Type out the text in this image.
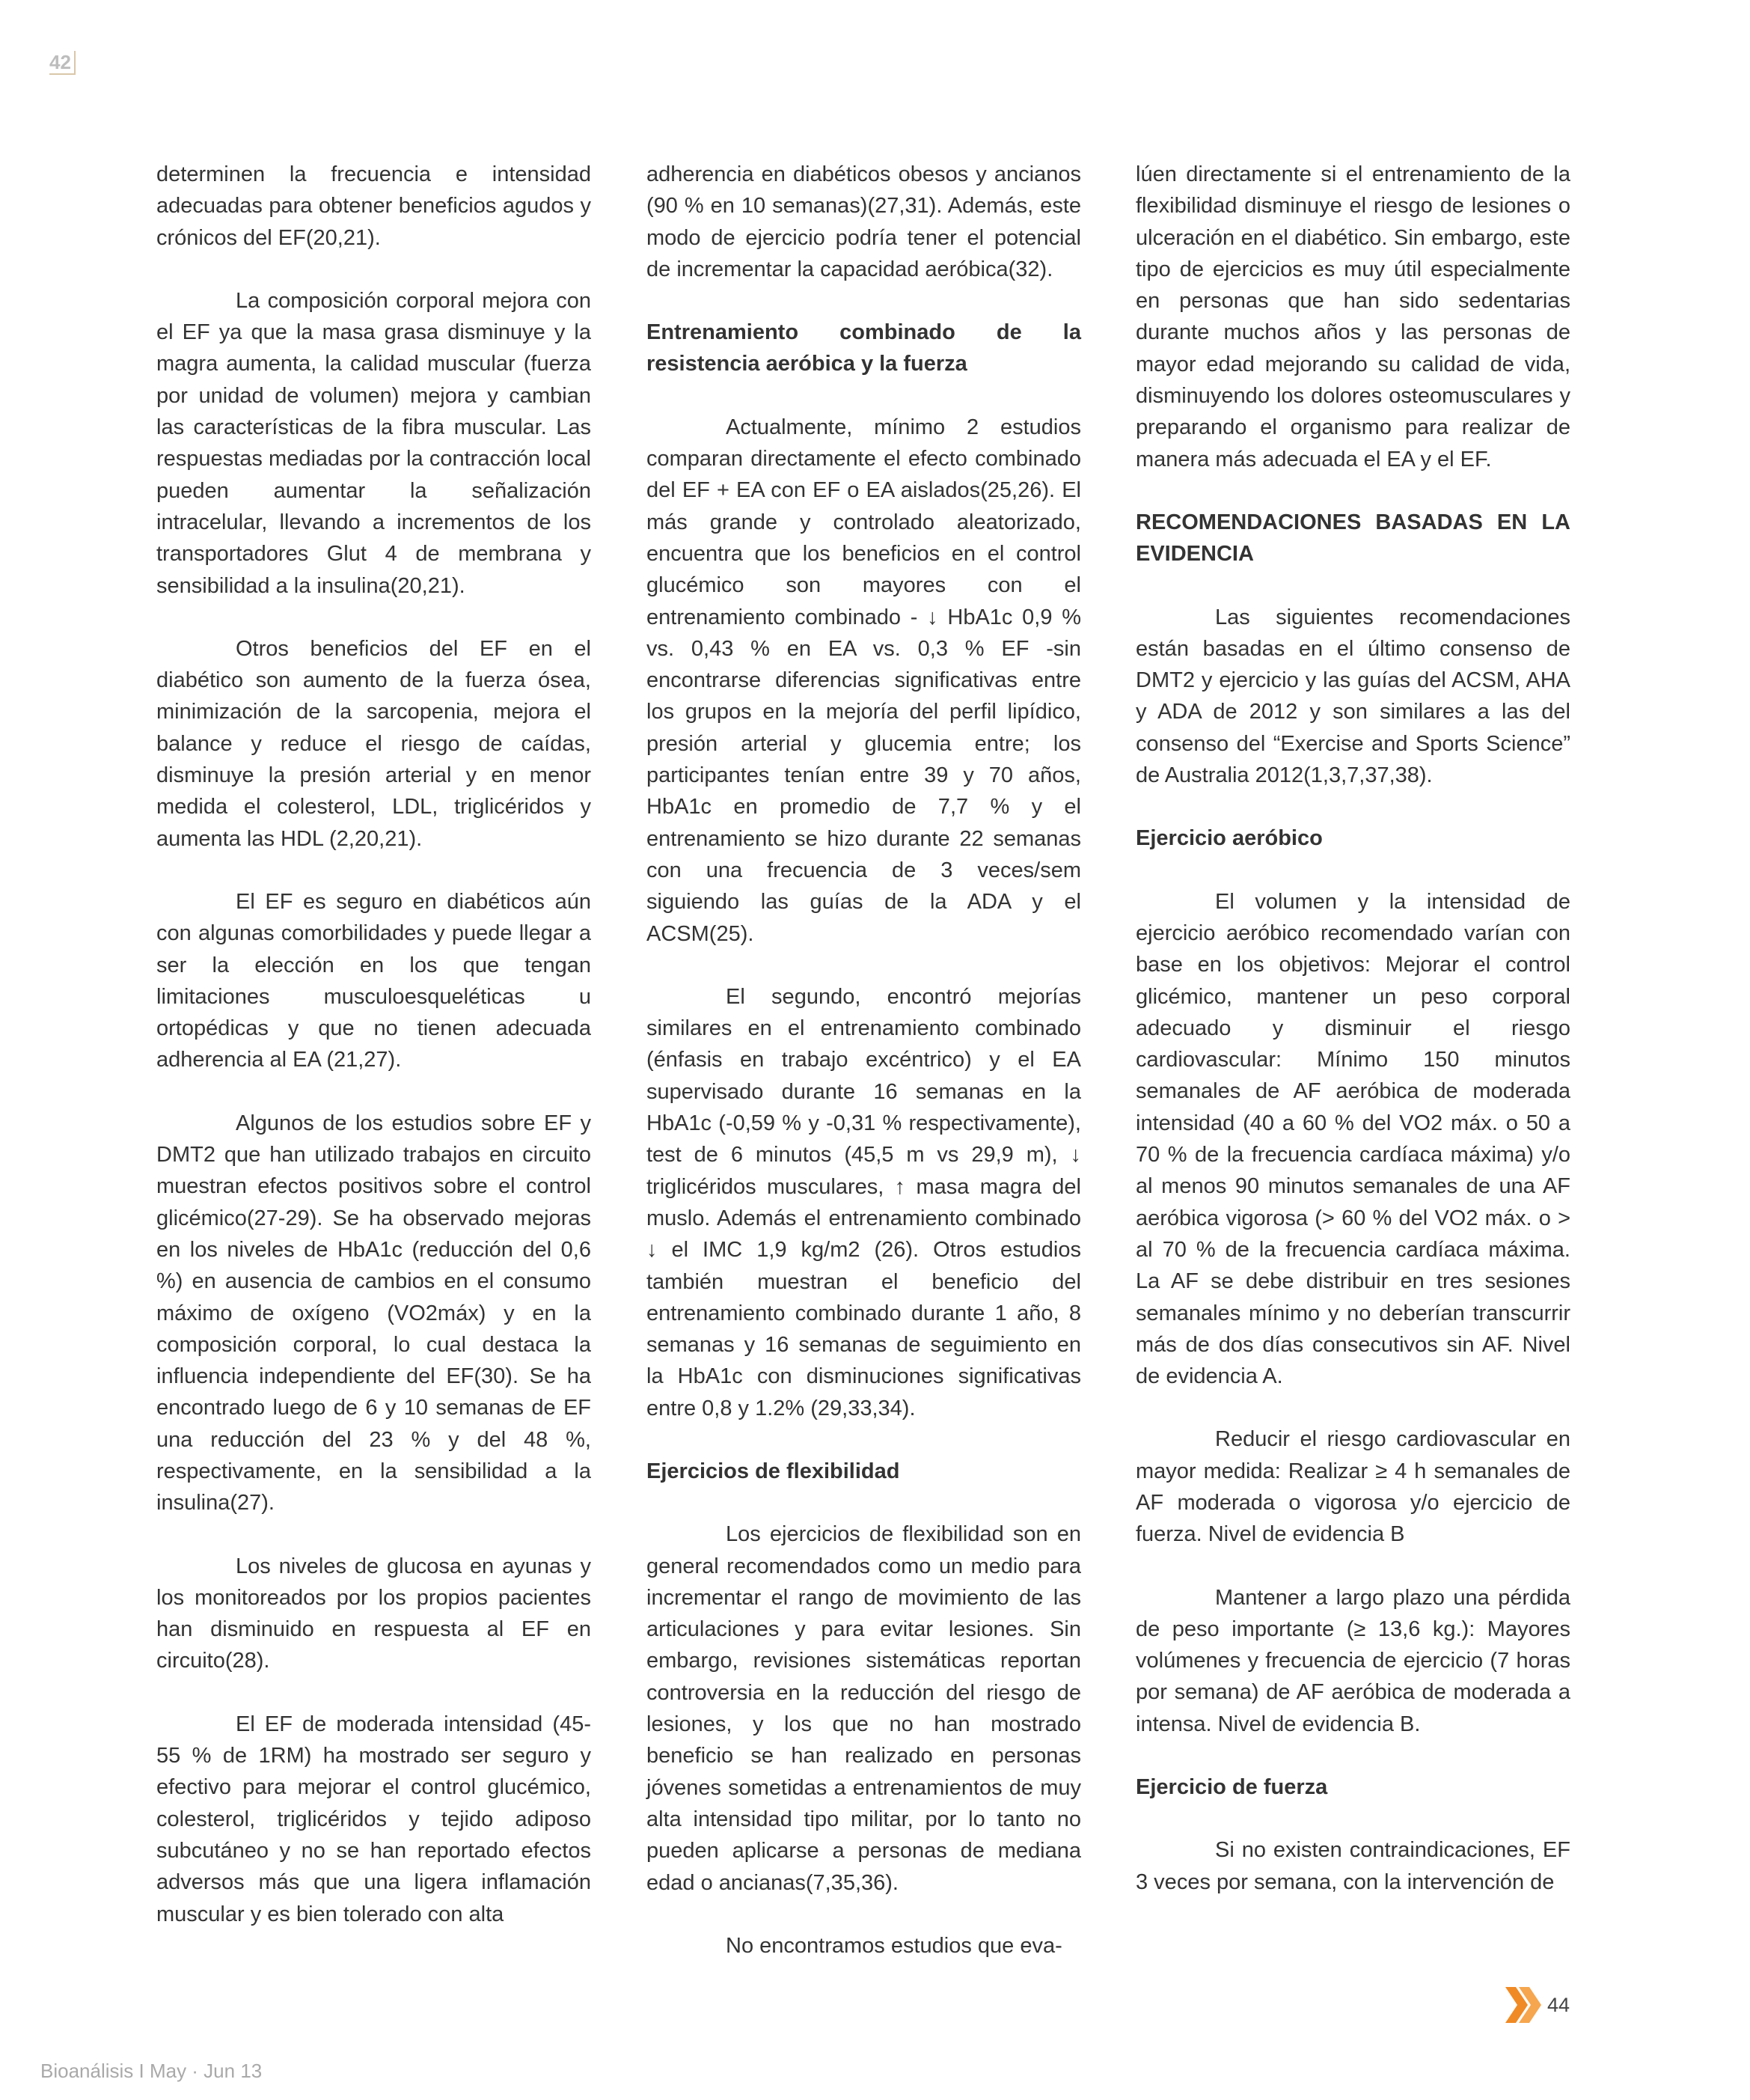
42

determinen la frecuencia e intensidad adecuadas para obtener beneficios agudos y crónicos del EF(20,21).

La composición corporal mejora con el EF ya que la masa grasa disminuye y la magra aumenta, la calidad muscular (fuerza por unidad de volumen) mejora y cambian las características de la fibra muscular. Las respuestas mediadas por la contracción local pueden aumentar la señalización intracelular, llevando a incrementos de los transportadores Glut 4 de membrana y sensibilidad a la insulina(20,21).

Otros beneficios del EF en el diabético son aumento de la fuerza ósea, minimización de la sarcopenia, mejora el balance y reduce el riesgo de caídas, disminuye la presión arterial y en menor medida el colesterol, LDL, triglicéridos y aumenta las HDL (2,20,21).

El EF es seguro en diabéticos aún con algunas comorbilidades y puede llegar a ser la elección en los que tengan limitaciones musculoesqueléticas u ortopédicas y que no tienen adecuada adherencia al EA (21,27).

Algunos de los estudios sobre EF y DMT2 que han utilizado trabajos en circuito muestran efectos positivos sobre el control glicémico(27-29). Se ha observado mejoras en los niveles de HbA1c (reducción del 0,6 %) en ausencia de cambios en el consumo máximo de oxígeno (VO2máx) y en la composición corporal, lo cual destaca la influencia independiente del EF(30). Se ha encontrado luego de 6 y 10 semanas de EF una reducción del 23 % y del 48 %, respectivamente, en la sensibilidad a la insulina(27).

Los niveles de glucosa en ayunas y los monitoreados por los propios pacientes han disminuido en respuesta al EF en circuito(28).

El EF de moderada intensidad (45-55 % de 1RM) ha mostrado ser seguro y efectivo para mejorar el control glucémico, colesterol, triglicéridos y tejido adiposo subcutáneo y no se han reportado efectos adversos más que una ligera inflamación muscular y es bien tolerado con alta

adherencia en diabéticos obesos y ancianos (90 % en 10 semanas)(27,31). Además, este modo de ejercicio podría tener el potencial de incrementar la capacidad aeróbica(32).

Entrenamiento combinado de la resistencia aeróbica y la fuerza

Actualmente, mínimo 2 estudios comparan directamente el efecto combinado del EF + EA con EF o EA aislados(25,26). El más grande y controlado aleatorizado, encuentra que los beneficios en el control glucémico son mayores con el entrenamiento combinado - ↓ HbA1c 0,9 % vs. 0,43 % en EA vs. 0,3 % EF -sin encontrarse diferencias significativas entre los grupos en la mejoría del perfil lipídico, presión arterial y glucemia entre; los participantes tenían entre 39 y 70 años, HbA1c en promedio de 7,7 % y el entrenamiento se hizo durante 22 semanas con una frecuencia de 3 veces/sem siguiendo las guías de la ADA y el ACSM(25).

El segundo, encontró mejorías similares en el entrenamiento combinado (énfasis en trabajo excéntrico) y el EA supervisado durante 16 semanas en la HbA1c (-0,59 % y -0,31 % respectivamente), test de 6 minutos (45,5 m vs 29,9 m), ↓ triglicéridos musculares, ↑ masa magra del muslo. Además el entrenamiento combinado ↓ el IMC 1,9 kg/m2 (26). Otros estudios también muestran el beneficio del entrenamiento combinado durante 1 año, 8 semanas y 16 semanas de seguimiento en la HbA1c con disminuciones significativas entre 0,8 y 1.2% (29,33,34).

Ejercicios de flexibilidad

Los ejercicios de flexibilidad son en general recomendados como un medio para incrementar el rango de movimiento de las articulaciones y para evitar lesiones. Sin embargo, revisiones sistemáticas reportan controversia en la reducción del riesgo de lesiones, y los que no han mostrado beneficio se han realizado en personas jóvenes sometidas a entrenamientos de muy alta intensidad tipo militar, por lo tanto no pueden aplicarse a personas de mediana edad o ancianas(7,35,36).

No encontramos estudios que eva-

lúen directamente si el entrenamiento de la flexibilidad disminuye el riesgo de lesiones o ulceración en el diabético. Sin embargo, este tipo de ejercicios es muy útil especialmente en personas que han sido sedentarias durante muchos años y las personas de mayor edad mejorando su calidad de vida, disminuyendo los dolores osteomusculares y preparando el organismo para realizar de manera más adecuada el EA y el EF.

RECOMENDACIONES BASADAS EN LA EVIDENCIA

Las siguientes recomendaciones están basadas en el último consenso de DMT2 y ejercicio y las guías del ACSM, AHA y ADA de 2012 y son similares a las del consenso del “Exercise and Sports Science” de Australia 2012(1,3,7,37,38).

Ejercicio aeróbico

El volumen y la intensidad de ejercicio aeróbico recomendado varían con base en los objetivos: Mejorar el control glicémico, mantener un peso corporal adecuado y disminuir el riesgo cardiovascular: Mínimo 150 minutos semanales de AF aeróbica de moderada intensidad (40 a 60 % del VO2 máx. o 50 a 70 % de la frecuencia cardíaca máxima) y/o al menos 90 minutos semanales de una AF aeróbica vigorosa (> 60 % del VO2 máx. o > al 70 % de la frecuencia cardíaca máxima. La AF se debe distribuir en tres sesiones semanales mínimo y no deberían transcurrir más de dos días consecutivos sin AF. Nivel de evidencia A.

Reducir el riesgo cardiovascular en mayor medida: Realizar ≥ 4 h semanales de AF moderada o vigorosa y/o ejercicio de fuerza. Nivel de evidencia B

Mantener a largo plazo una pérdida de peso importante (≥ 13,6 kg.): Mayores volúmenes y frecuencia de ejercicio (7 horas por semana) de AF aeróbica de moderada a intensa. Nivel de evidencia B.

Ejercicio de fuerza

Si no existen contraindicaciones, EF 3 veces por semana, con la intervención de

Bioanálisis I May · Jun 13
44
